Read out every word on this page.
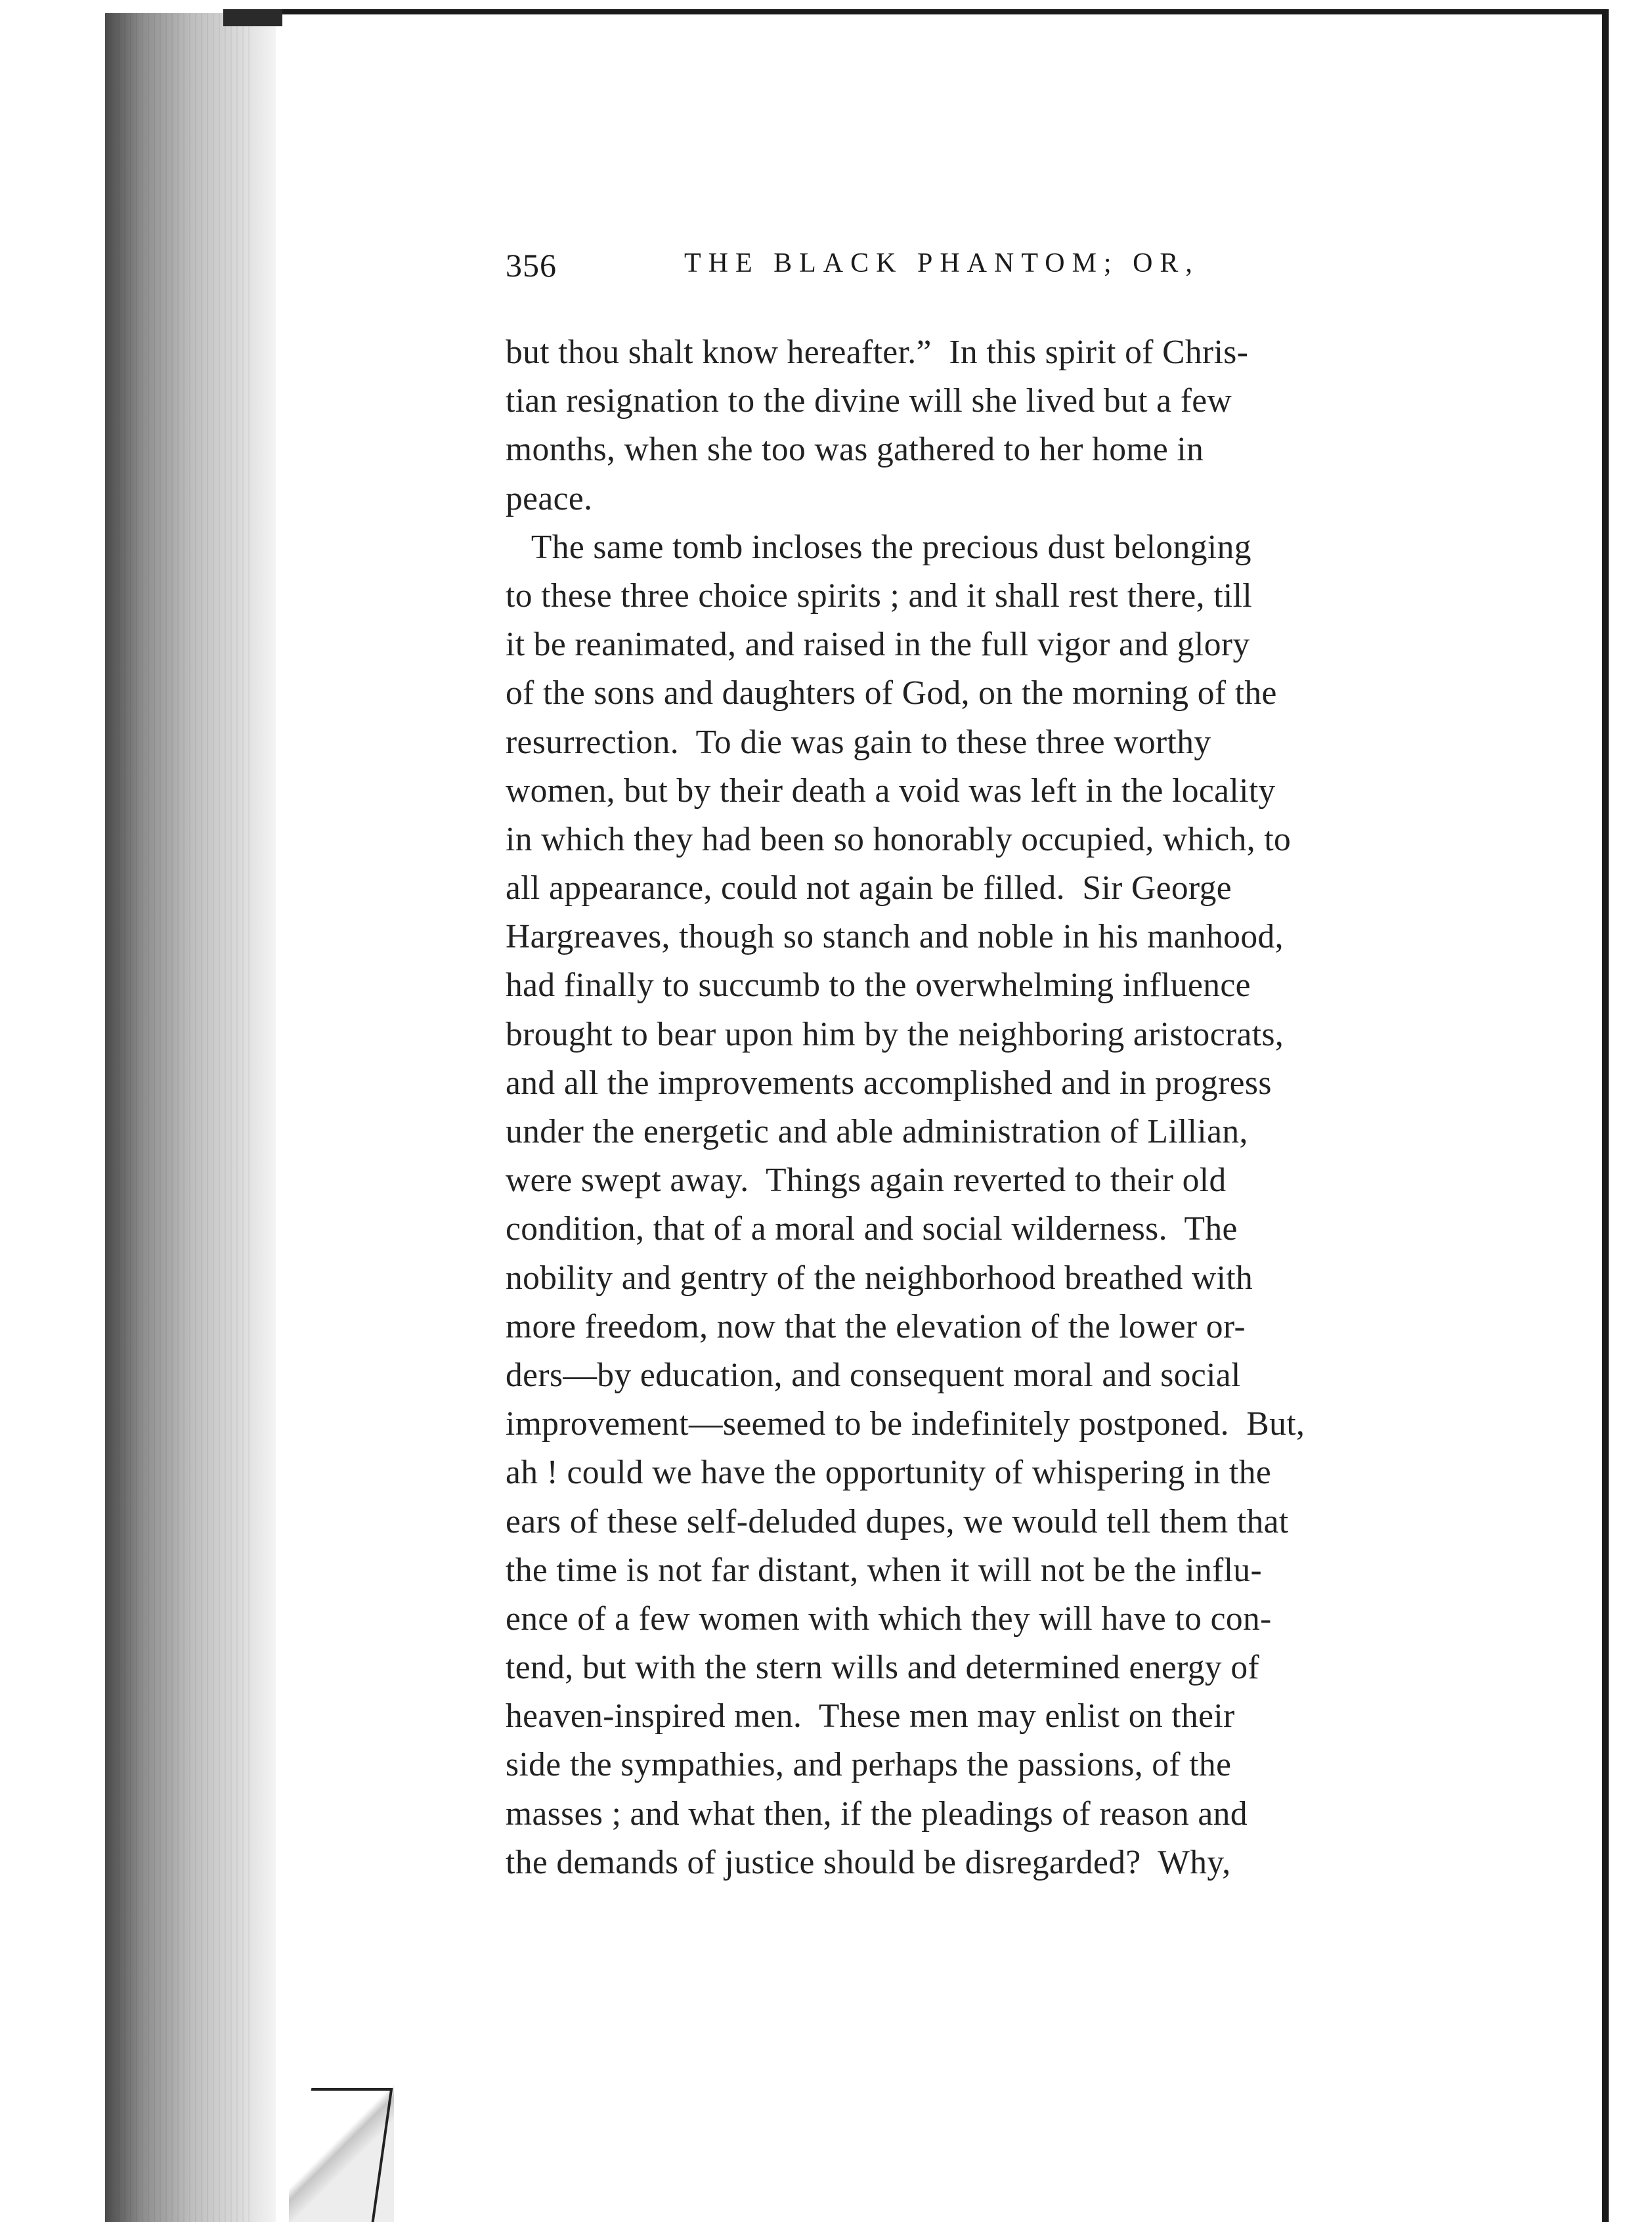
356	THE BLACK PHANTOM; OR,
but thou shalt know hereafter.”  In this spirit of Chris-
tian resignation to the divine will she lived but a few
months, when she too was gathered to her home in
peace.
The same tomb incloses the precious dust belonging
to these three choice spirits ; and it shall rest there, till
it be reanimated, and raised in the full vigor and glory
of the sons and daughters of God, on the morning of the
resurrection.  To die was gain to these three worthy
women, but by their death a void was left in the locality
in which they had been so honorably occupied, which, to
all appearance, could not again be filled.  Sir George
Hargreaves, though so stanch and noble in his manhood,
had finally to succumb to the overwhelming influence
brought to bear upon him by the neighboring aristocrats,
and all the improvements accomplished and in progress
under the energetic and able administration of Lillian,
were swept away.  Things again reverted to their old
condition, that of a moral and social wilderness.  The
nobility and gentry of the neighborhood breathed with
more freedom, now that the elevation of the lower or-
ders—by education, and consequent moral and social
improvement—seemed to be indefinitely postponed.  But,
ah ! could we have the opportunity of whispering in the
ears of these self-deluded dupes, we would tell them that
the time is not far distant, when it will not be the influ-
ence of a few women with which they will have to con-
tend, but with the stern wills and determined energy of
heaven-inspired men.  These men may enlist on their
side the sympathies, and perhaps the passions, of the
masses ; and what then, if the pleadings of reason and
the demands of justice should be disregarded?  Why,
